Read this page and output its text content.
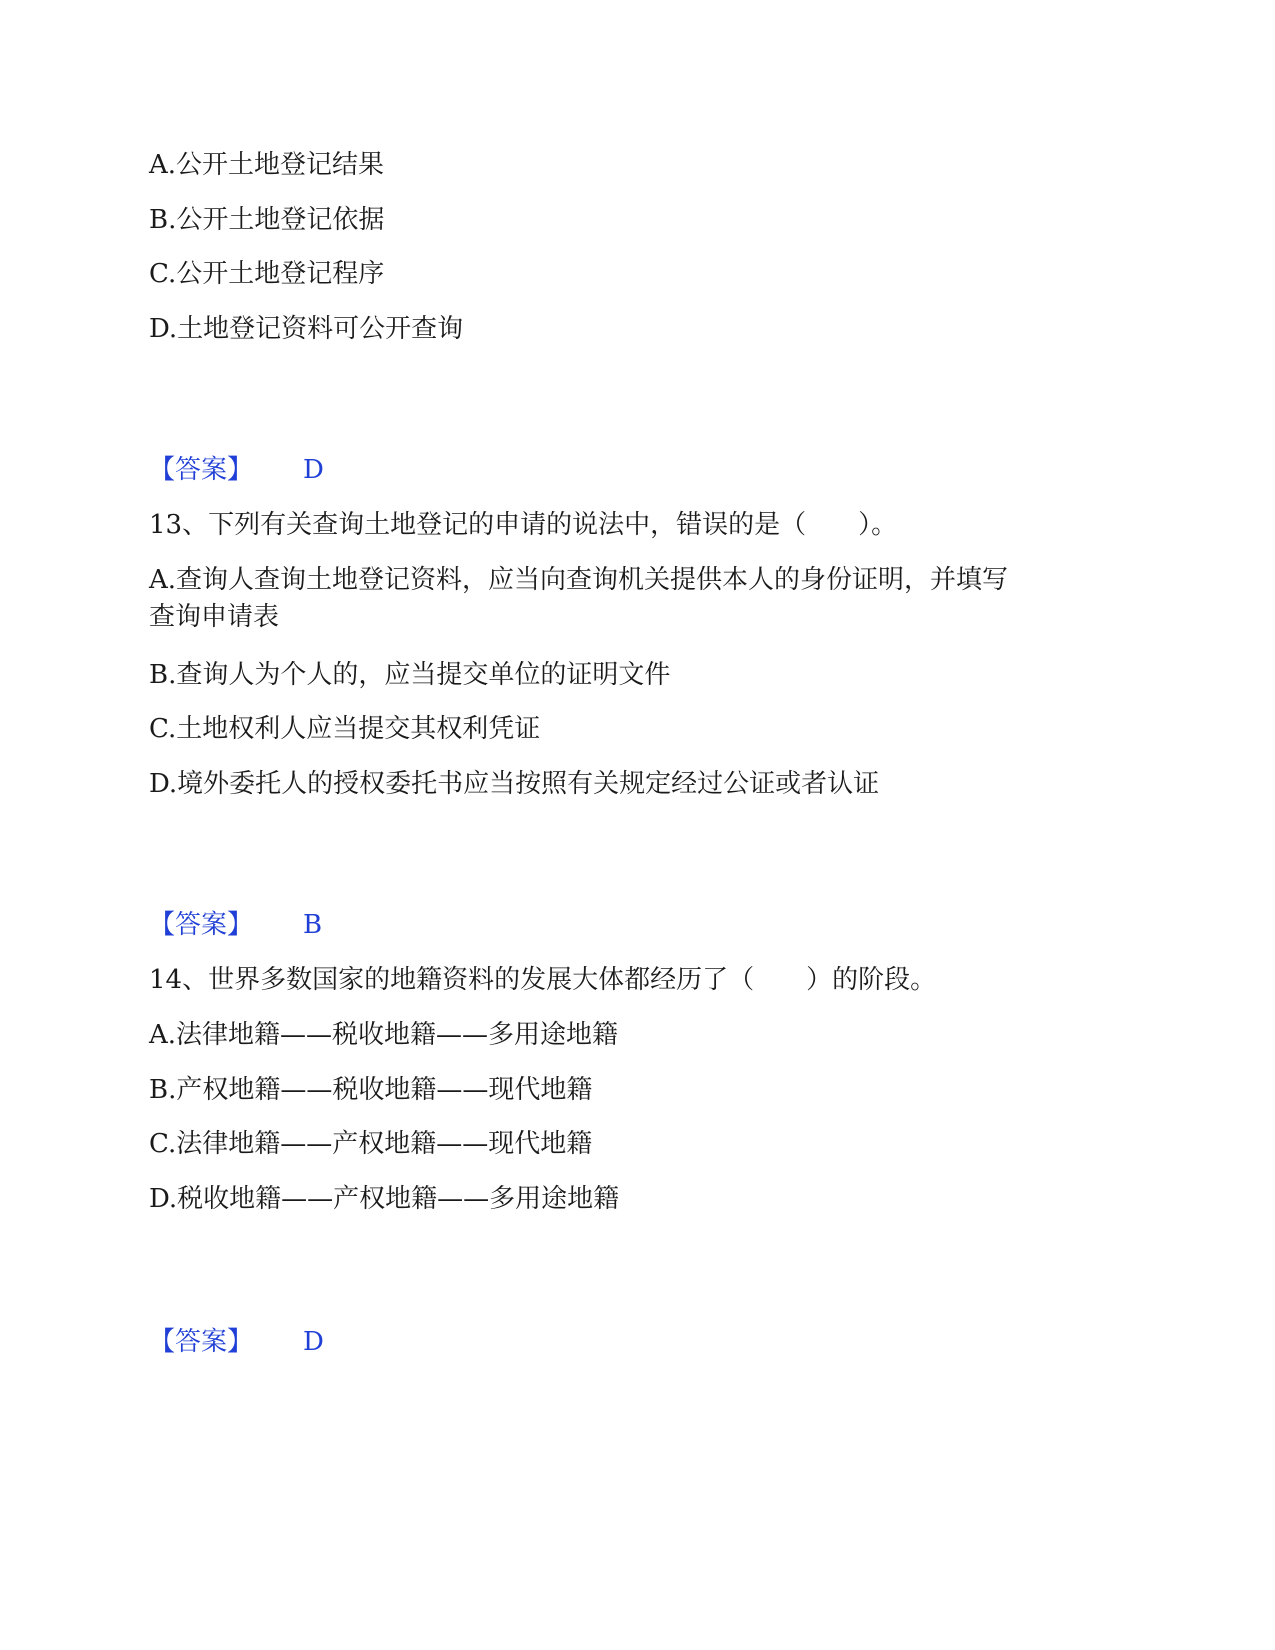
A.公开土地登记结果
B.公开土地登记依据
C.公开土地登记程序
D.土地登记资料可公开查询
【答案】 D
13、下列有关查询土地登记的申请的说法中，错误的是（　　）。
A.查询人查询土地登记资料，应当向查询机关提供本人的身份证明，并填写
查询申请表
B.查询人为个人的，应当提交单位的证明文件
C.土地权利人应当提交其权利凭证
D.境外委托人的授权委托书应当按照有关规定经过公证或者认证
【答案】 B
14、世界多数国家的地籍资料的发展大体都经历了（　　）的阶段。
A.法律地籍——税收地籍——多用途地籍
B.产权地籍——税收地籍——现代地籍
C.法律地籍——产权地籍——现代地籍
D.税收地籍——产权地籍——多用途地籍
【答案】 D
